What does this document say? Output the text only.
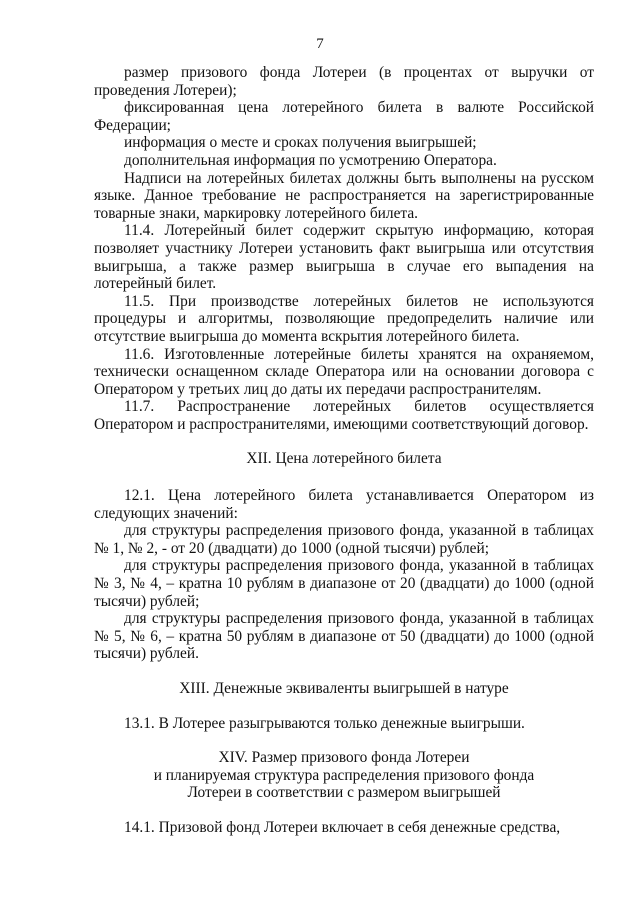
7

размер призового фонда Лотереи (в процентах от выручки от проведения Лотереи);

фиксированная цена лотерейного билета в валюте Российской Федерации;

информация о месте и сроках получения выигрышей;

дополнительная информация по усмотрению Оператора.

Надписи на лотерейных билетах должны быть выполнены на русском языке. Данное требование не распространяется на зарегистрированные товарные знаки, маркировку лотерейного билета.

11.4. Лотерейный билет содержит скрытую информацию, которая позволяет участнику Лотереи установить факт выигрыша или отсутствия выигрыша, а также размер выигрыша в случае его выпадения на лотерейный билет.

11.5. При производстве лотерейных билетов не используются процедуры и алгоритмы, позволяющие предопределить наличие или отсутствие выигрыша до момента вскрытия лотерейного билета.

11.6. Изготовленные лотерейные билеты хранятся на охраняемом, технически оснащенном складе Оператора или на основании договора с Оператором у третьих лиц до даты их передачи распространителям.

11.7. Распространение лотерейных билетов осуществляется Оператором и распространителями, имеющими соответствующий договор.

XII. Цена лотерейного билета

12.1. Цена лотерейного билета устанавливается Оператором из следующих значений:

для структуры распределения призового фонда, указанной в таблицах № 1, № 2, - от 20 (двадцати) до 1000 (одной тысячи) рублей;

для структуры распределения призового фонда, указанной в таблицах № 3, № 4, – кратна 10 рублям в диапазоне от 20 (двадцати) до 1000 (одной тысячи) рублей;

для структуры распределения призового фонда, указанной в таблицах № 5, № 6, – кратна 50 рублям в диапазоне от 50 (двадцати) до 1000 (одной тысячи) рублей.

XIII. Денежные эквиваленты выигрышей в натуре

13.1. В Лотерее разыгрываются только денежные выигрыши.

XIV. Размер призового фонда Лотереи

и планируемая структура распределения призового фонда

Лотереи в соответствии с размером выигрышей

14.1. Призовой фонд Лотереи включает в себя денежные средства,
